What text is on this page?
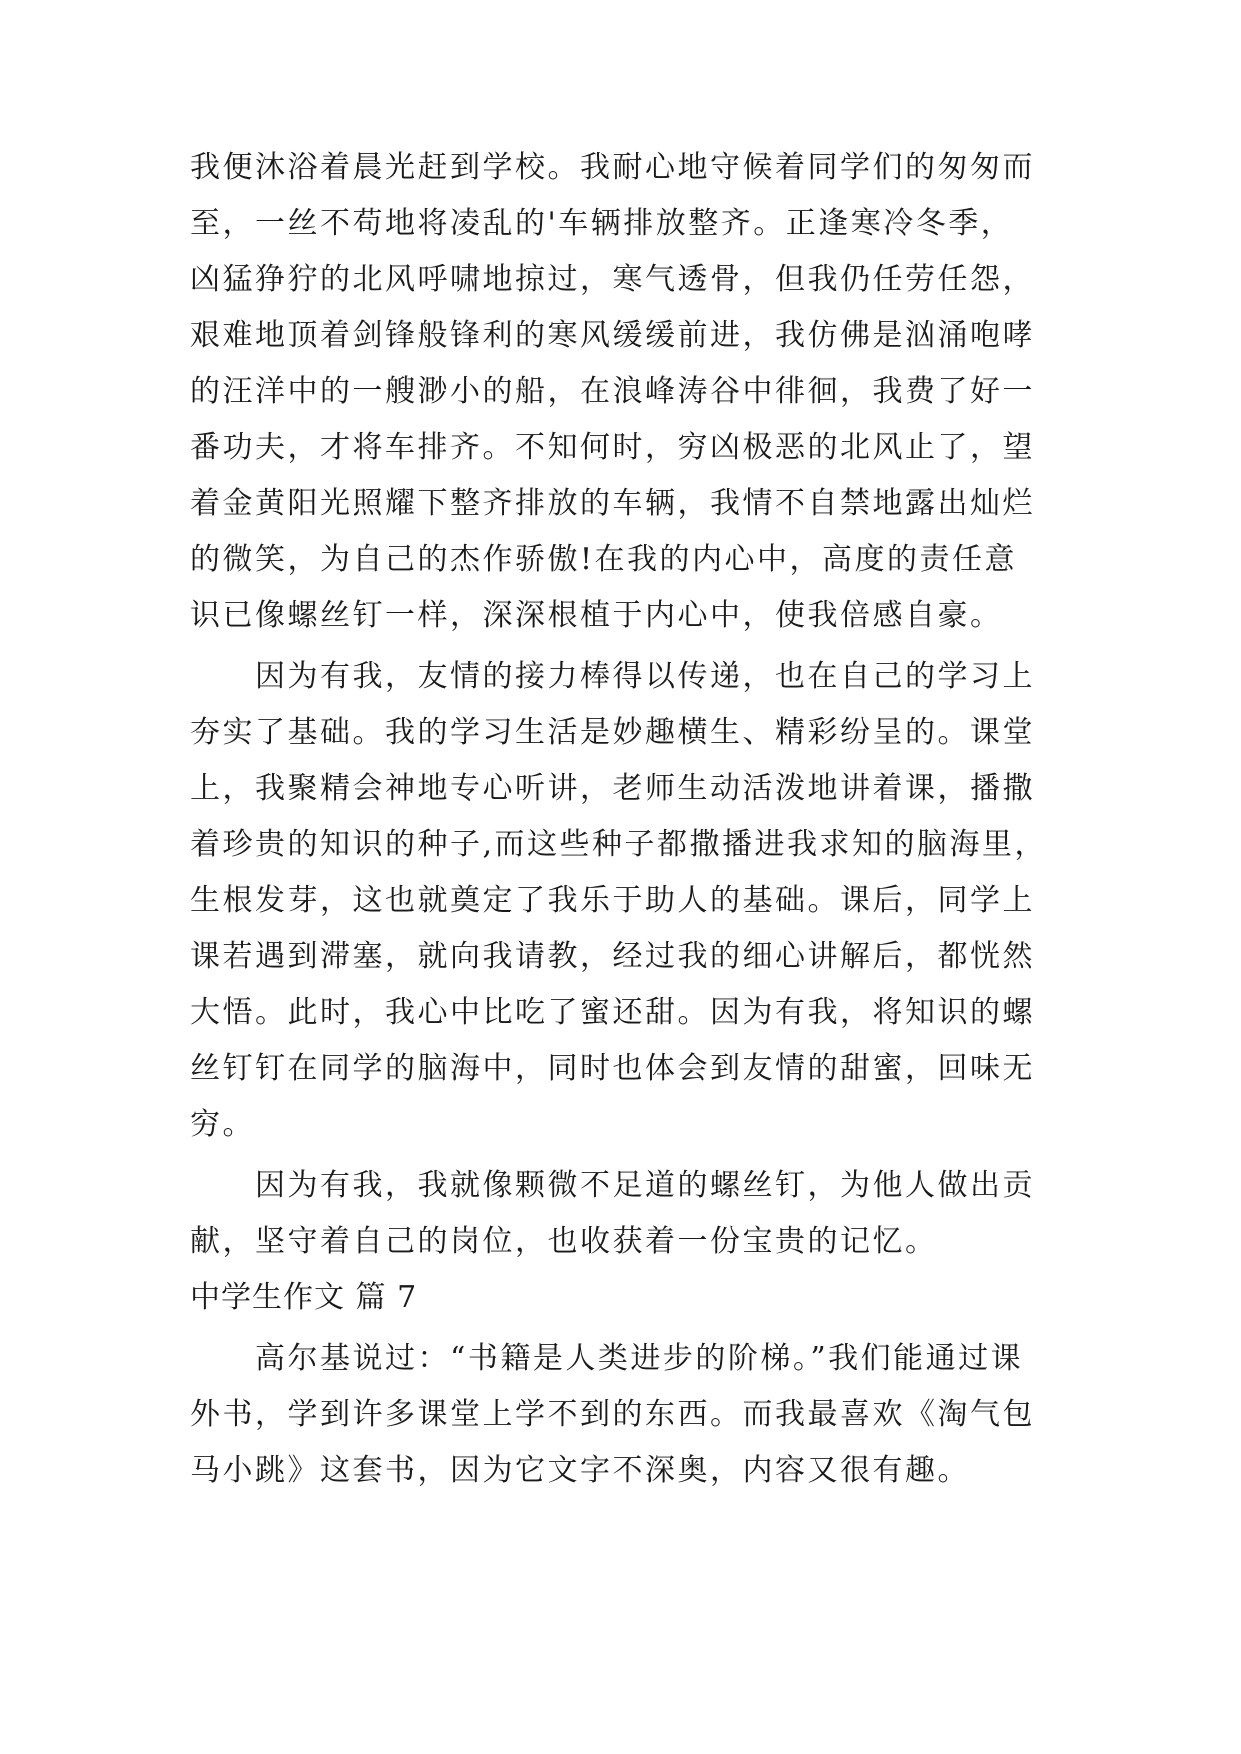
我便沐浴着晨光赶到学校。我耐心地守候着同学们的匆匆而
至，一丝不苟地将凌乱的'车辆排放整齐。正逢寒冷冬季，
凶猛狰狞的北风呼啸地掠过，寒气透骨，但我仍任劳任怨，
艰难地顶着剑锋般锋利的寒风缓缓前进，我仿佛是汹涌咆哮
的汪洋中的一艘渺小的船，在浪峰涛谷中徘徊，我费了好一
番功夫，才将车排齐。不知何时，穷凶极恶的北风止了，望
着金黄阳光照耀下整齐排放的车辆，我情不自禁地露出灿烂
的微笑，为自己的杰作骄傲!在我的内心中，高度的责任意
识已像螺丝钉一样，深深根植于内心中，使我倍感自豪。
因为有我，友情的接力棒得以传递，也在自己的学习上
夯实了基础。我的学习生活是妙趣横生、精彩纷呈的。课堂
上，我聚精会神地专心听讲，老师生动活泼地讲着课，播撒
着珍贵的知识的种子,而这些种子都撒播进我求知的脑海里，
生根发芽，这也就奠定了我乐于助人的基础。课后，同学上
课若遇到滞塞，就向我请教，经过我的细心讲解后，都恍然
大悟。此时，我心中比吃了蜜还甜。因为有我，将知识的螺
丝钉钉在同学的脑海中，同时也体会到友情的甜蜜，回味无
穷。
因为有我，我就像颗微不足道的螺丝钉，为他人做出贡
献，坚守着自己的岗位，也收获着一份宝贵的记忆。
中学生作文 篇 7
高尔基说过：“书籍是人类进步的阶梯。”我们能通过课
外书，学到许多课堂上学不到的东西。而我最喜欢《淘气包
马小跳》这套书，因为它文字不深奥，内容又很有趣。
